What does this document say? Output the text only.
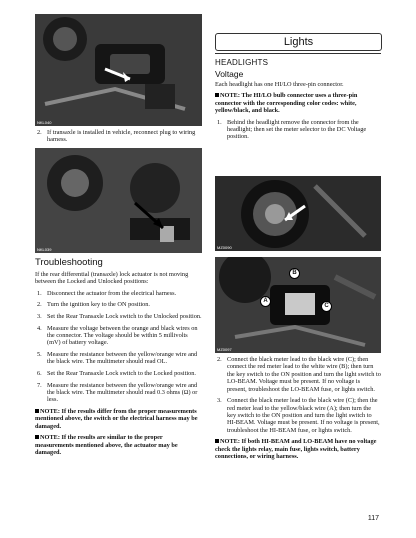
NKL040
2. If transaxle is installed in vehicle, reconnect plug to wiring harness.
NKL039
Troubleshooting

If the rear differential (transaxle) lock actuator is not moving between the Locked and Unlocked positions:

1. Disconnect the actuator from the electrical harness.
2. Turn the ignition key to the ON position.
3. Set the Rear Transaxle Lock switch to the Unlocked position.
4. Measure the voltage between the orange and black wires on the connector. The voltage should be within 5 millivolts (mV) of battery voltage.
5. Measure the resistance between the yellow/orange wire and the black wire. The multimeter should read OL.
6. Set the Rear Transaxle Lock switch to the Locked position.
7. Measure the resistance between the yellow/orange wire and the black wire. The multimeter should read 0.3 ohms (Ω) or less.

NOTE: If the results differ from the proper measurements mentioned above, the switch or the electrical harness may be damaged.

NOTE: If the results are similar to the proper measurements mentioned above, the actuator may be damaged.

Lights
HEADLIGHTS
Voltage

Each headlight has one HI/LO three-pin connector.

NOTE: The HI/LO bulb connector uses a three-pin connector with the corresponding color codes: white, yellow/black, and black.

1. Behind the headlight remove the connector from the headlight; then set the meter selector to the DC Voltage position.
MZ0090
B
A
C
MZ0097
2. Connect the black meter lead to the black wire (C); then connect the red meter lead to the white wire (B); then turn the key switch to the ON position and turn the light switch to LO-BEAM. Voltage must be present. If no voltage is present, troubleshoot the LO-BEAM fuse, or lights switch.
3. Connect the black meter lead to the black wire (C); then the red meter lead to the yellow/black wire (A); then turn the key switch to the ON position and turn the light switch to HI-BEAM. Voltage must be present. If no voltage is present, troubleshoot the HI-BEAM fuse, or lights switch.

NOTE: If both HI-BEAM and LO-BEAM have no voltage check the lights relay, main fuse, lights switch, battery connections, or wiring harness.

117
